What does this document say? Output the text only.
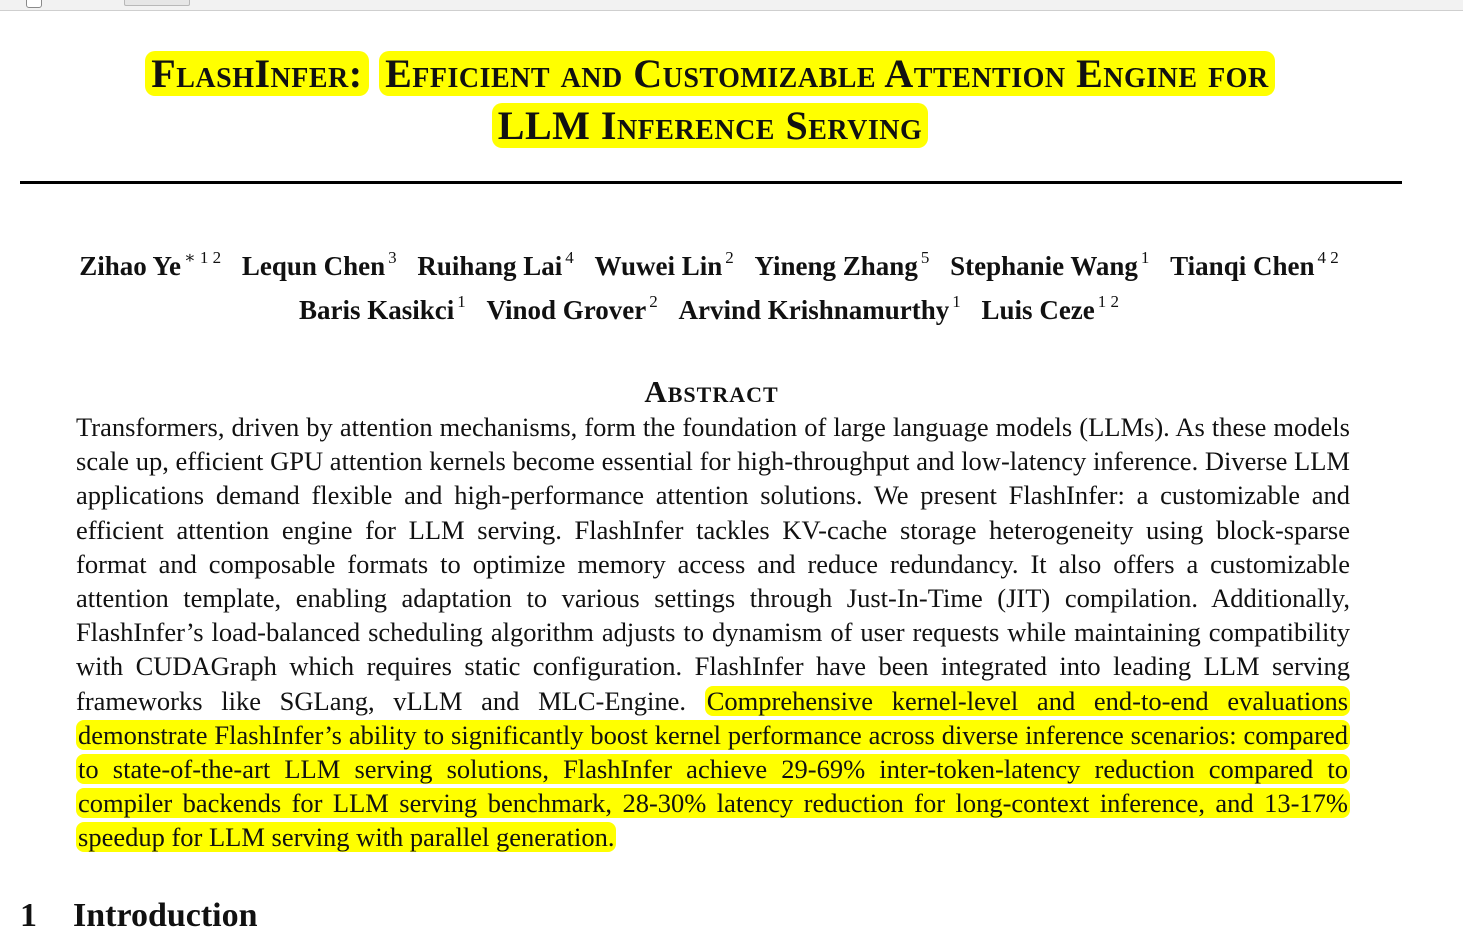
FlashInfer: Efficient and Customizable Attention Engine for
LLM Inference Serving
Zihao Ye $^{∗ 1 2}$ Lequn Chen $^3$ Ruihang Lai $^4$ Wuwei Lin $^2$ Yineng Zhang $^5$ Stephanie Wang $^1$ Tianqi Chen $^{4 2}$
Baris Kasikci $^1$ Vinod Grover $^2$ Arvind Krishnamurthy $^1$ Luis Ceze $^{1 2}$
Abstract
Transformers, driven by attention mechanisms, form the foundation of large language models (LLMs). As these models scale up, efficient GPU attention kernels become essential for high-throughput and low-latency inference. Diverse LLM applications demand flexible and high-performance attention solutions. We present FlashInfer: a customizable and efficient attention engine for LLM serving. FlashInfer tackles KV-cache storage heterogeneity using block-sparse format and composable formats to optimize memory access and reduce redundancy. It also offers a customizable attention template, enabling adaptation to various settings through Just-In-Time (JIT) compilation. Additionally, FlashInfer’s load-balanced scheduling algorithm adjusts to dynamism of user requests while maintaining compatibility with CUDAGraph which requires static configuration. FlashInfer have been integrated into leading LLM serving frameworks like SGLang, vLLM and MLC-Engine. Comprehensive kernel-level and end-to-end evaluations demonstrate FlashInfer’s ability to significantly boost kernel performance across diverse inference scenarios: compared to state-of-the-art LLM serving solutions, FlashInfer achieve 29-69% inter-token-latency reduction compared to compiler backends for LLM serving benchmark, 28-30% latency reduction for long-context inference, and 13-17% speedup for LLM serving with parallel generation.
1 Introduction
